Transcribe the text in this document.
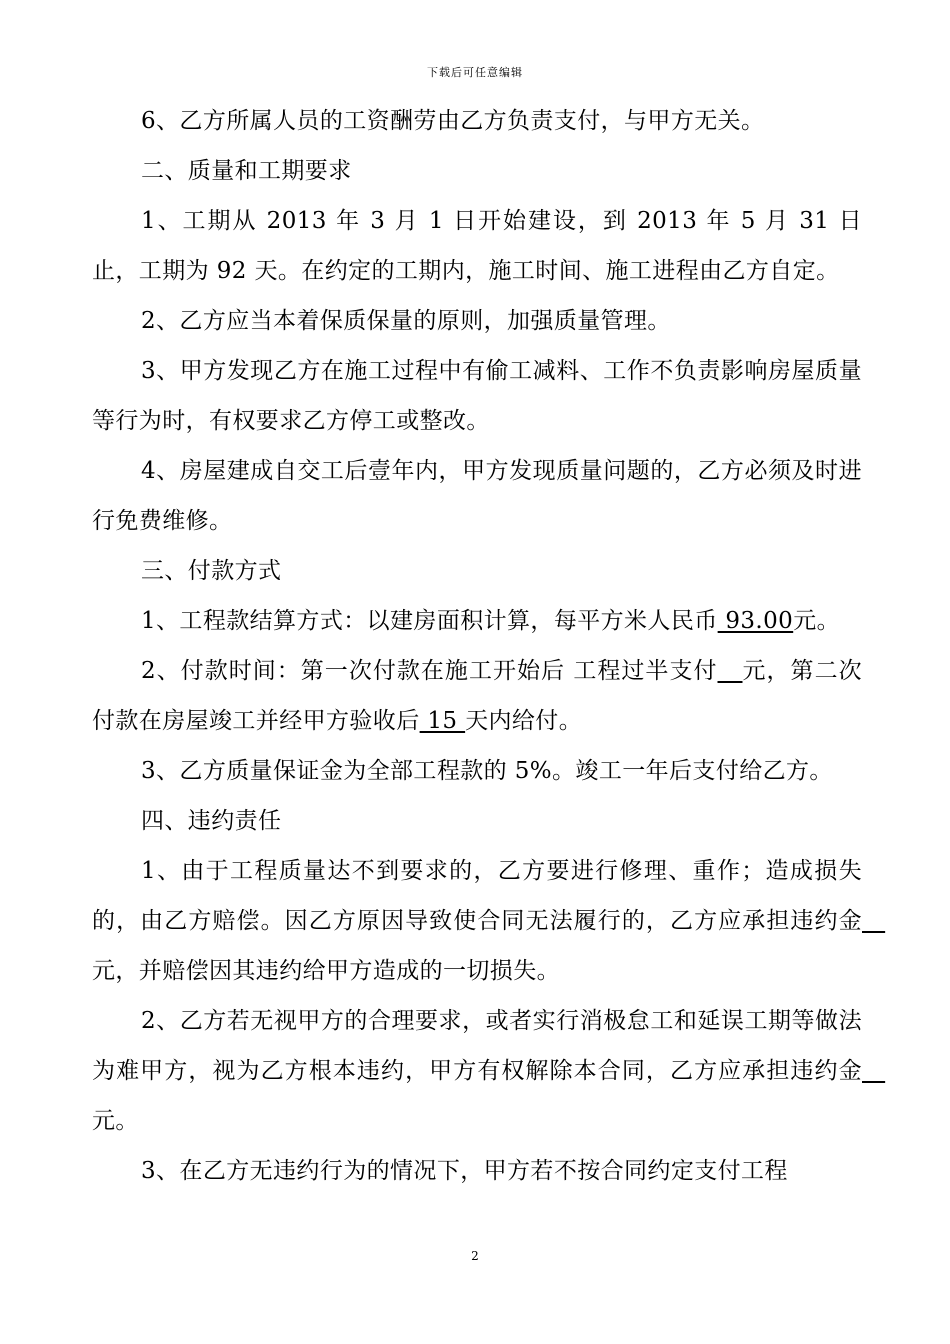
下载后可任意编辑

6、乙方所属人员的工资酬劳由乙方负责支付，与甲方无关。

二、质量和工期要求

1、工期从 2013 年 3 月 1 日开始建设，到 2013 年 5 月 31 日止，工期为 92 天。在约定的工期内，施工时间、施工进程由乙方自定。

2、乙方应当本着保质保量的原则，加强质量管理。

3、甲方发现乙方在施工过程中有偷工减料、工作不负责影响房屋质量等行为时，有权要求乙方停工或整改。

4、房屋建成自交工后壹年内，甲方发现质量问题的，乙方必须及时进行免费维修。

三、付款方式

1、工程款结算方式：以建房面积计算，每平方米人民币 93.00元。

2、付款时间：第一次付款在施工开始后 工程过半支付 元，第二次付款在房屋竣工并经甲方验收后 15 天内给付。

3、乙方质量保证金为全部工程款的 5%。竣工一年后支付给乙方。

四、违约责任

1、由于工程质量达不到要求的，乙方要进行修理、重作；造成损失的，由乙方赔偿。因乙方原因导致使合同无法履行的，乙方应承担违约金   元，并赔偿因其违约给甲方造成的一切损失。

2、乙方若无视甲方的合理要求，或者实行消极怠工和延误工期等做法为难甲方，视为乙方根本违约，甲方有权解除本合同，乙方应承担违约金   元。

3、在乙方无违约行为的情况下，甲方若不按合同约定支付工程

2
